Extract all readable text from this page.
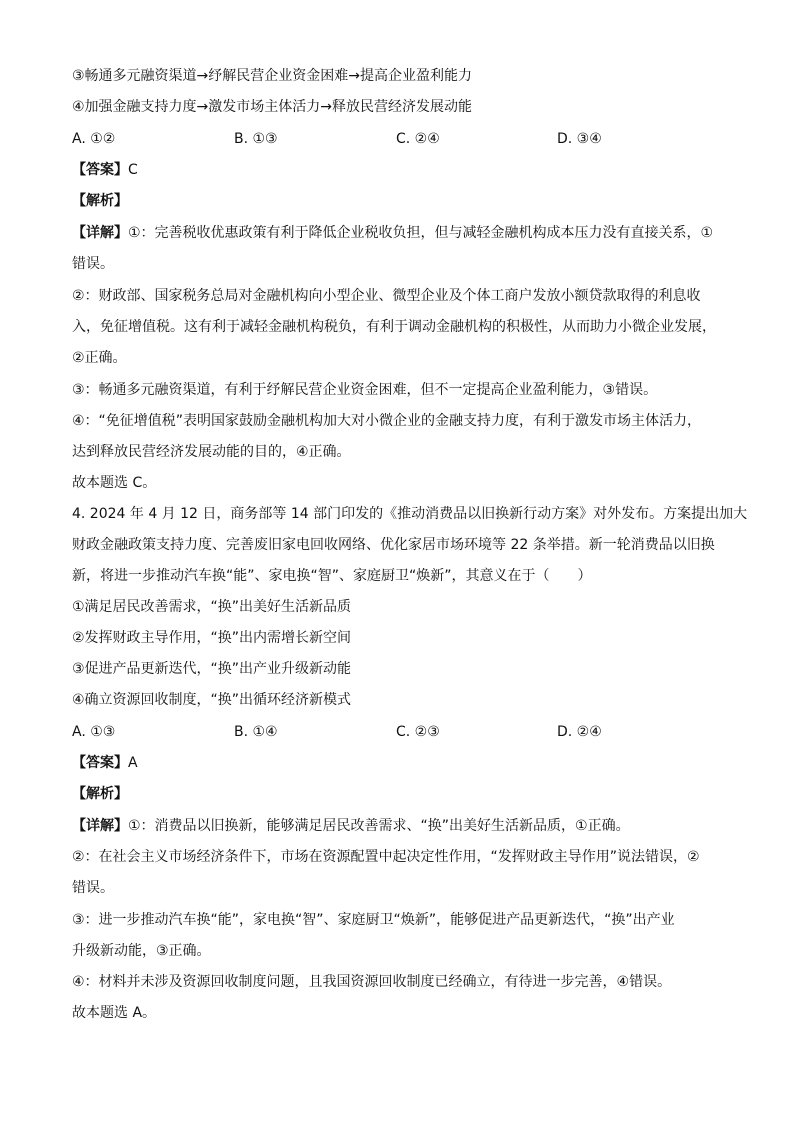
③畅通多元融资渠道→纾解民营企业资金困难→提高企业盈利能力
④加强金融支持力度→激发市场主体活力→释放民营经济发展动能
A. ①②	B. ①③	C. ②④	D. ③④
【答案】C
【解析】
【详解】①：完善税收优惠政策有利于降低企业税收负担，但与减轻金融机构成本压力没有直接关系，①
错误。
②：财政部、国家税务总局对金融机构向小型企业、微型企业及个体工商户发放小额贷款取得的利息收
入，免征增值税。这有利于减轻金融机构税负，有利于调动金融机构的积极性，从而助力小微企业发展，
②正确。
③：畅通多元融资渠道，有利于纾解民营企业资金困难，但不一定提高企业盈利能力，③错误。
④：“免征增值税”表明国家鼓励金融机构加大对小微企业的金融支持力度，有利于激发市场主体活力，
达到释放民营经济发展动能的目的，④正确。
故本题选 C。
4. 2024 年 4 月 12 日，商务部等 14 部门印发的《推动消费品以旧换新行动方案》对外发布。方案提出加大
财政金融政策支持力度、完善废旧家电回收网络、优化家居市场环境等 22 条举措。新一轮消费品以旧换
新，将进一步推动汽车换“能”、家电换“智”、家庭厨卫“焕新”，其意义在于（　　）
①满足居民改善需求，“换”出美好生活新品质
②发挥财政主导作用，“换”出内需增长新空间
③促进产品更新迭代，“换”出产业升级新动能
④确立资源回收制度，“换”出循环经济新模式
A. ①③	B. ①④	C. ②③	D. ②④
【答案】A
【解析】
【详解】①：消费品以旧换新，能够满足居民改善需求、“换”出美好生活新品质，①正确。
②：在社会主义市场经济条件下，市场在资源配置中起决定性作用，“发挥财政主导作用”说法错误，②
错误。
③：进一步推动汽车换“能”，家电换“智”、家庭厨卫“焕新”，能够促进产品更新迭代，“换”出产业
升级新动能，③正确。
④：材料并未涉及资源回收制度问题，且我国资源回收制度已经确立，有待进一步完善，④错误。
故本题选 A。
